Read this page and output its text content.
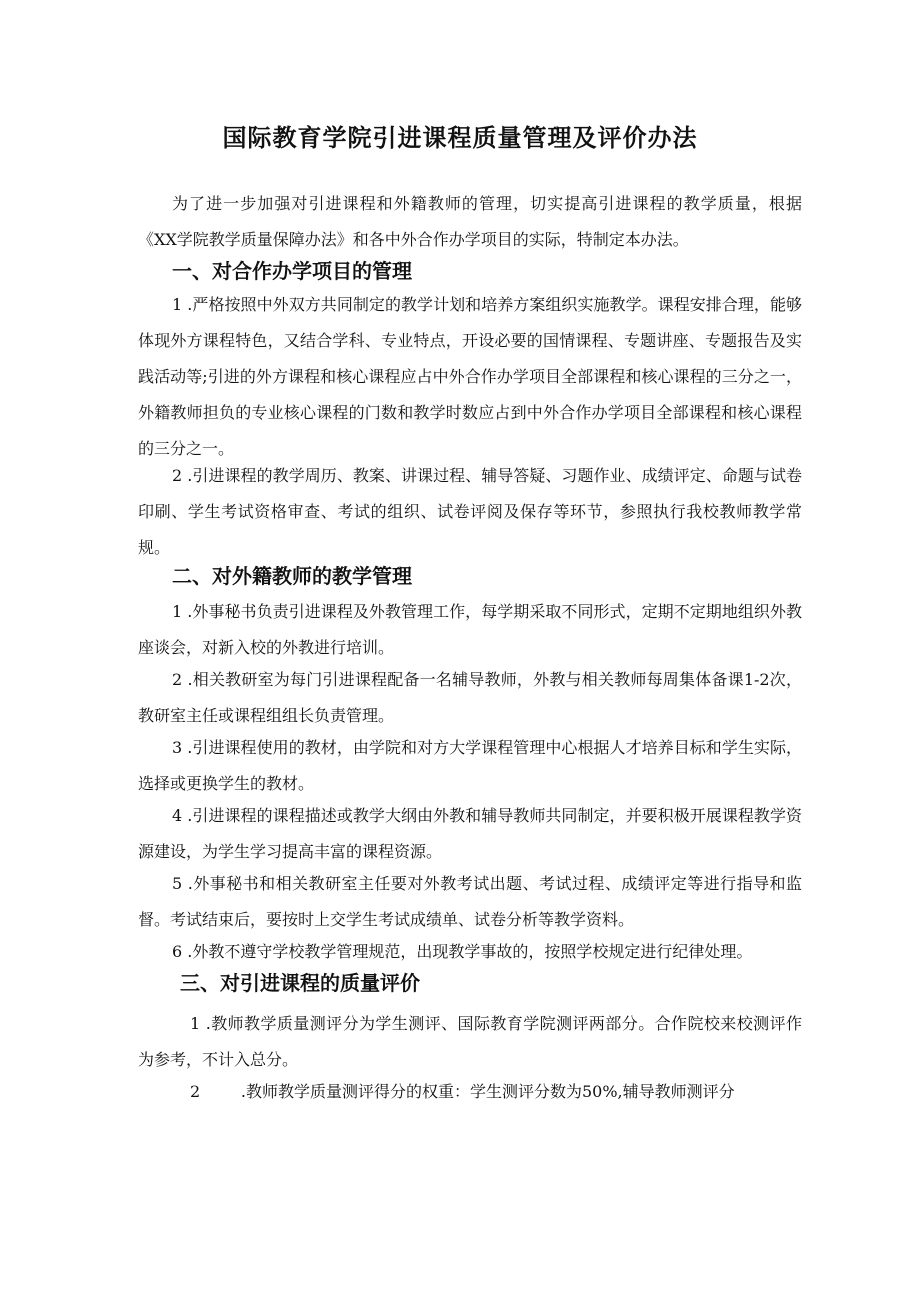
国际教育学院引进课程质量管理及评价办法

为了进一步加强对引进课程和外籍教师的管理，切实提高引进课程的教学质量，根据《XX学院教学质量保障办法》和各中外合作办学项目的实际，特制定本办法。

一、对合作办学项目的管理

1 .严格按照中外双方共同制定的教学计划和培养方案组织实施教学。课程安排合理，能够体现外方课程特色，又结合学科、专业特点，开设必要的国情课程、专题讲座、专题报告及实践活动等;引进的外方课程和核心课程应占中外合作办学项目全部课程和核心课程的三分之一，外籍教师担负的专业核心课程的门数和教学时数应占到中外合作办学项目全部课程和核心课程的三分之一。

2 .引进课程的教学周历、教案、讲课过程、辅导答疑、习题作业、成绩评定、命题与试卷印刷、学生考试资格审查、考试的组织、试卷评阅及保存等环节，参照执行我校教师教学常规。

二、对外籍教师的教学管理

1 .外事秘书负责引进课程及外教管理工作，每学期采取不同形式，定期不定期地组织外教座谈会，对新入校的外教进行培训。

2 .相关教研室为每门引进课程配备一名辅导教师，外教与相关教师每周集体备课1-2次，教研室主任或课程组组长负责管理。

3 .引进课程使用的教材，由学院和对方大学课程管理中心根据人才培养目标和学生实际，选择或更换学生的教材。

4 .引进课程的课程描述或教学大纲由外教和辅导教师共同制定，并要积极开展课程教学资源建设，为学生学习提高丰富的课程资源。

5 .外事秘书和相关教研室主任要对外教考试出题、考试过程、成绩评定等进行指导和监督。考试结束后，要按时上交学生考试成绩单、试卷分析等教学资料。

6 .外教不遵守学校教学管理规范，出现教学事故的，按照学校规定进行纪律处理。

三、对引进课程的质量评价

1 .教师教学质量测评分为学生测评、国际教育学院测评两部分。合作院校来校测评作为参考，不计入总分。

2        .教师教学质量测评得分的权重：学生测评分数为50%,辅导教师测评分
